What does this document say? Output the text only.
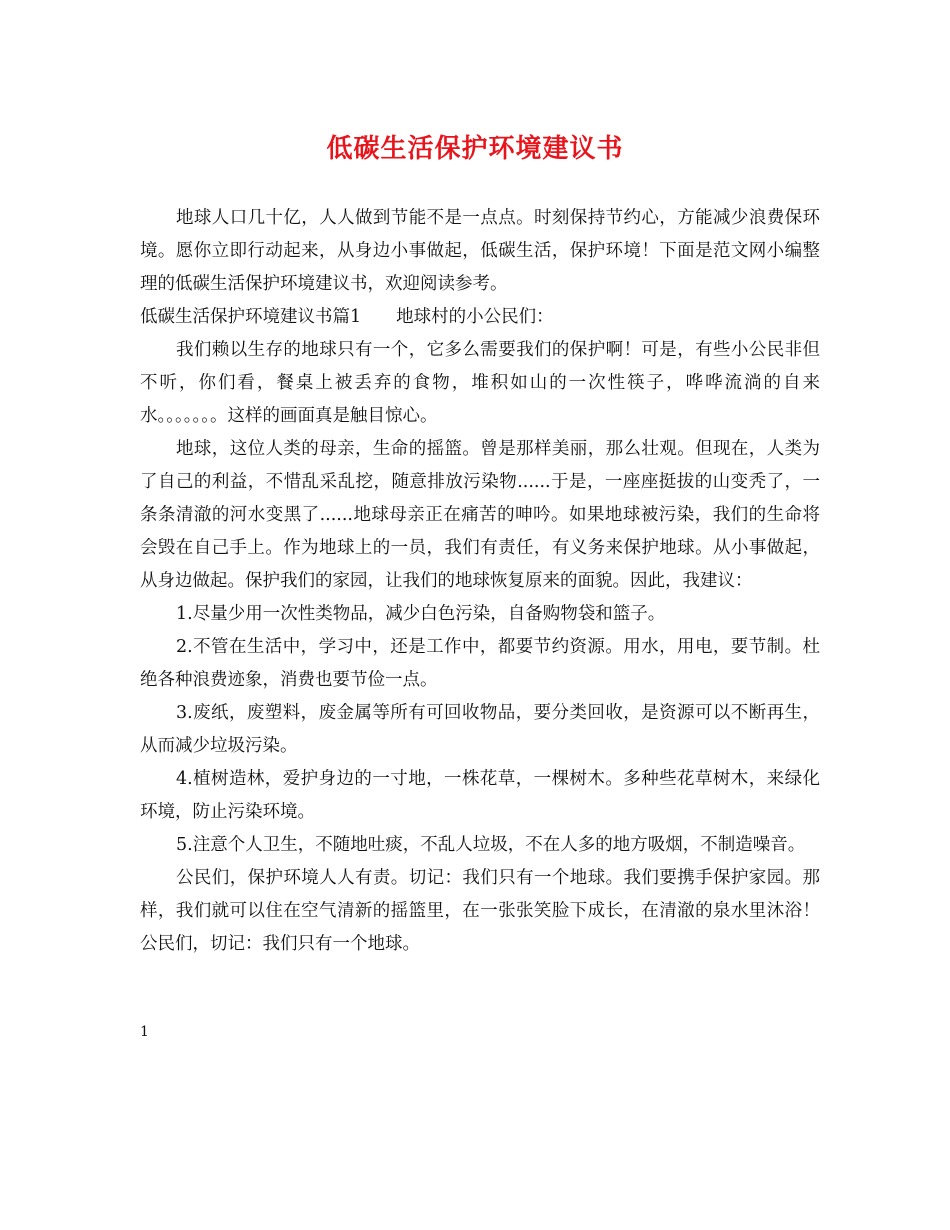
低碳生活保护环境建议书

地球人口几十亿，人人做到节能不是一点点。时刻保持节约心，方能减少浪费保环境。愿你立即行动起来，从身边小事做起，低碳生活，保护环境！下面是范文网小编整理的低碳生活保护环境建议书，欢迎阅读参考。

低碳生活保护环境建议书篇1　　地球村的小公民们：

我们赖以生存的地球只有一个，它多么需要我们的保护啊！可是，有些小公民非但不听，你们看，餐桌上被丢弃的食物，堆积如山的一次性筷子，哗哗流淌的自来水。。。。。。。这样的画面真是触目惊心。

地球，这位人类的母亲，生命的摇篮。曾是那样美丽，那么壮观。但现在，人类为了自己的利益，不惜乱采乱挖，随意排放污染物......于是，一座座挺拔的山变秃了，一条条清澈的河水变黑了......地球母亲正在痛苦的呻吟。如果地球被污染，我们的生命将会毁在自己手上。作为地球上的一员，我们有责任，有义务来保护地球。从小事做起，从身边做起。保护我们的家园，让我们的地球恢复原来的面貌。因此，我建议：

1.尽量少用一次性类物品，减少白色污染，自备购物袋和篮子。

2.不管在生活中，学习中，还是工作中，都要节约资源。用水，用电，要节制。杜绝各种浪费迹象，消费也要节俭一点。

3.废纸，废塑料，废金属等所有可回收物品，要分类回收，是资源可以不断再生，从而减少垃圾污染。

4.植树造林，爱护身边的一寸地，一株花草，一棵树木。多种些花草树木，来绿化环境，防止污染环境。

5.注意个人卫生，不随地吐痰，不乱人垃圾，不在人多的地方吸烟，不制造噪音。

公民们，保护环境人人有责。切记：我们只有一个地球。我们要携手保护家园。那样，我们就可以住在空气清新的摇篮里，在一张张笑脸下成长，在清澈的泉水里沐浴！ 公民们，切记：我们只有一个地球。

1
